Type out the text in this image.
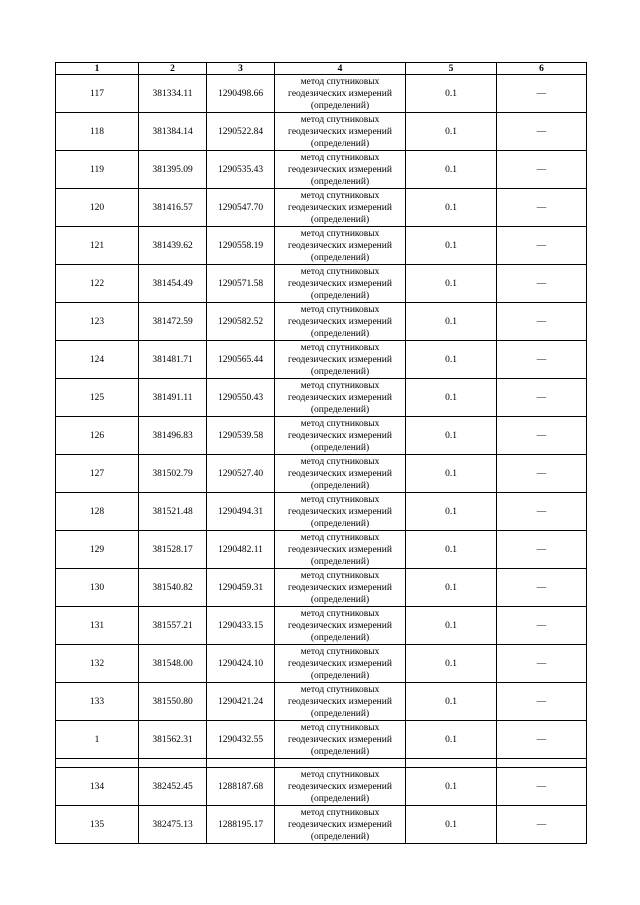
1	2	3	4	5	6
117	381334.11	1290498.66	метод спутниковых геодезических измерений (определений)	0.1	—
118	381384.14	1290522.84	метод спутниковых геодезических измерений (определений)	0.1	—
119	381395.09	1290535.43	метод спутниковых геодезических измерений (определений)	0.1	—
120	381416.57	1290547.70	метод спутниковых геодезических измерений (определений)	0.1	—
121	381439.62	1290558.19	метод спутниковых геодезических измерений (определений)	0.1	—
122	381454.49	1290571.58	метод спутниковых геодезических измерений (определений)	0.1	—
123	381472.59	1290582.52	метод спутниковых геодезических измерений (определений)	0.1	—
124	381481.71	1290565.44	метод спутниковых геодезических измерений (определений)	0.1	—
125	381491.11	1290550.43	метод спутниковых геодезических измерений (определений)	0.1	—
126	381496.83	1290539.58	метод спутниковых геодезических измерений (определений)	0.1	—
127	381502.79	1290527.40	метод спутниковых геодезических измерений (определений)	0.1	—
128	381521.48	1290494.31	метод спутниковых геодезических измерений (определений)	0.1	—
129	381528.17	1290482.11	метод спутниковых геодезических измерений (определений)	0.1	—
130	381540.82	1290459.31	метод спутниковых геодезических измерений (определений)	0.1	—
131	381557.21	1290433.15	метод спутниковых геодезических измерений (определений)	0.1	—
132	381548.00	1290424.10	метод спутниковых геодезических измерений (определений)	0.1	—
133	381550.80	1290421.24	метод спутниковых геодезических измерений (определений)	0.1	—
1	381562.31	1290432.55	метод спутниковых геодезических измерений (определений)	0.1	—

134	382452.45	1288187.68	метод спутниковых геодезических измерений (определений)	0.1	—
135	382475.13	1288195.17	метод спутниковых геодезических измерений (определений)	0.1	—
